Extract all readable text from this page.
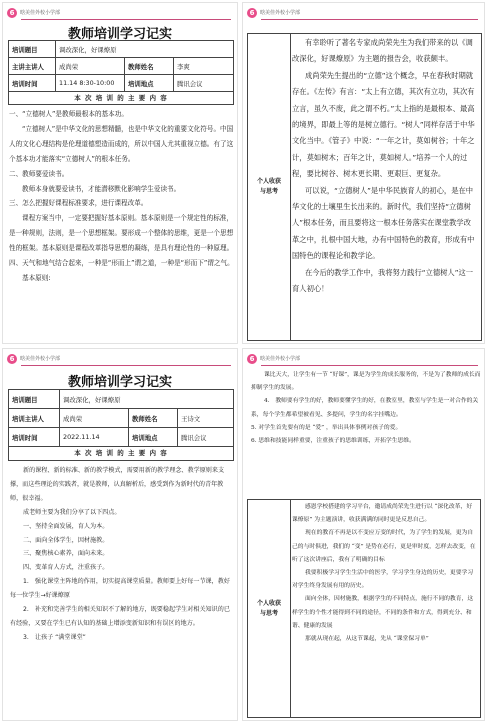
6	晗美佳外校小学部
教师培训学习记实
培训题目	调改深化，好课燎原		
主讲主讲人	成尚荣	教师姓名	李爽
培训时间	11.14 8:30-10:00	培训地点	腾讯会议
本 次 培 训 的 主 要 内 容

一、“立德树人”是教师最根本的基本功。

“立德树人”是中华文化的思想精髓，也是中华文化的重要文化符号。中国人的文化心理结构是伦理道德塑造而成的，所以中国人尤其重视立德。有了这个基本功才能落实“立德树人”的根本任务。

二、教师要爱读书。

教师本身就要爱读书，才能潜移默化影响学生爱读书。

三、怎么把握好课程标准要求，进行课程改革。

课程方案当中，一定要把握好基本原则。基本原则是一个规定性的标准，是一种规则，法则，是一个思想框架。要形成一个整体的思维，更是一个思想性的框架。基本原则是课程改革指导思想的凝练，是具有理论性的一种原理。

四、天气和地气结合起来，一种是“形而上”谓之道，一种是“形而下”谓之气。

基本原则:

6	晗美佳外校小学部
个人收获
与思考

有幸聆听了著名专家成尚荣先生为我们带来的以《调改深化，好课燎原》为主题的报告会，收获颇丰。

成尚荣先生提出的“立德”这个概念，早在春秋时期就存在。《左传》有言：“太上有立德，其次有立功，其次有立言，虽久不废，此之谓不朽。”太上指的是最根本、最高的境界，即最上等的是树立德行。“树人”同样存活于中华文化当中。《管子》中说：“一年之计，莫如树谷；十年之计，莫如树木；百年之计，莫如树人。”培养一个人的过程，要比树谷、树木更长期、更艰巨、更复杂。

可以说，“立德树人”是中华民族育人的初心，是在中华文化的土壤里生长出来的。新时代，我们坚持“立德树人”根本任务，而且要将这一根本任务落实在课堂教学改革之中，扎根中国大地，办有中国特色的教育，形成有中国特色的课程论和教学论。

在今后的教学工作中，我将努力践行“立德树人”这一育人初心！

6	晗美佳外校小学部
教师培训学习记实
培训题目	调改深化，好课燎原		
培训主讲人	成尚荣	教师姓名	王诗文
培训时间	2022.11.14	培训地点	腾讯会议
本 次 培 训 的 主 要 内 容

新的课程、新的标准、新的教学模式，需要用新的教学理念、教学原则来支撑，而这些理论的实践者，就是教师，认真解析后，感受到作为新时代的青年教师，很幸福。

成老师主要为我们分享了以下四点。

一、坚持全面发展，育人为本。

二、面向全体学生，因材施教。

三、聚焦核心素养，面向未来。

四、变革育人方式，注重孩子。

1.　强化课堂主阵地的作用，切实提高课堂质量。教师要上好每一节课，教好每一位学生→好课燎原

2.　补充和完善学生的相关知识不了解的地方，既要稳起学生对相关知识的已有经验，又要在学生已有认知的基础上增添变新知识和有误区的地方。

3.　让孩子 “满堂课堂”

6	晗美佳外校小学部

课比天大，让学生有一节 “好课”，课是为学生的成长服务的，不是为了教师的成长而抑制学生的发展。

4.　教师要有学生的好，教师要懂学生的好，在教室里，教室与学生是一对合作的关系，每个学生都希望被看见、多提问，学生的名字挂嘴边。

5. 对学生首先要有的是 “爱” ，举出具体事例对孩子的爱。

6. 思维和技能同样重要，注重孩子的思维训练，开拓学生思维。

个人收获
与思考

感恩学校搭建的学习平台，邀请成尚荣先生进行以 “深化改革，好课燎原” 为主题演讲，收获满满的同时更是反思自己。

现在的教育不再是以不变应万变的时代，为了学生的发展，更为自己的与时俱进，我们的 “变” 是势在必行，更是审时度，怎样去改变，在听了这次讲座后，我有了明确的目标

我要积极学习学生生活中的医学，学习学生身边的历史，更要学习对学生终身发展有用的历史。

面向全体，因材施教，根据学生的不同特点，施行不同的教育，这样学生的个性才能得到不同的途径，不同的条件和方式，得到充分、和谐、健康的发展

那就从现在起，从这节课起，先从 “课堂保习单”
